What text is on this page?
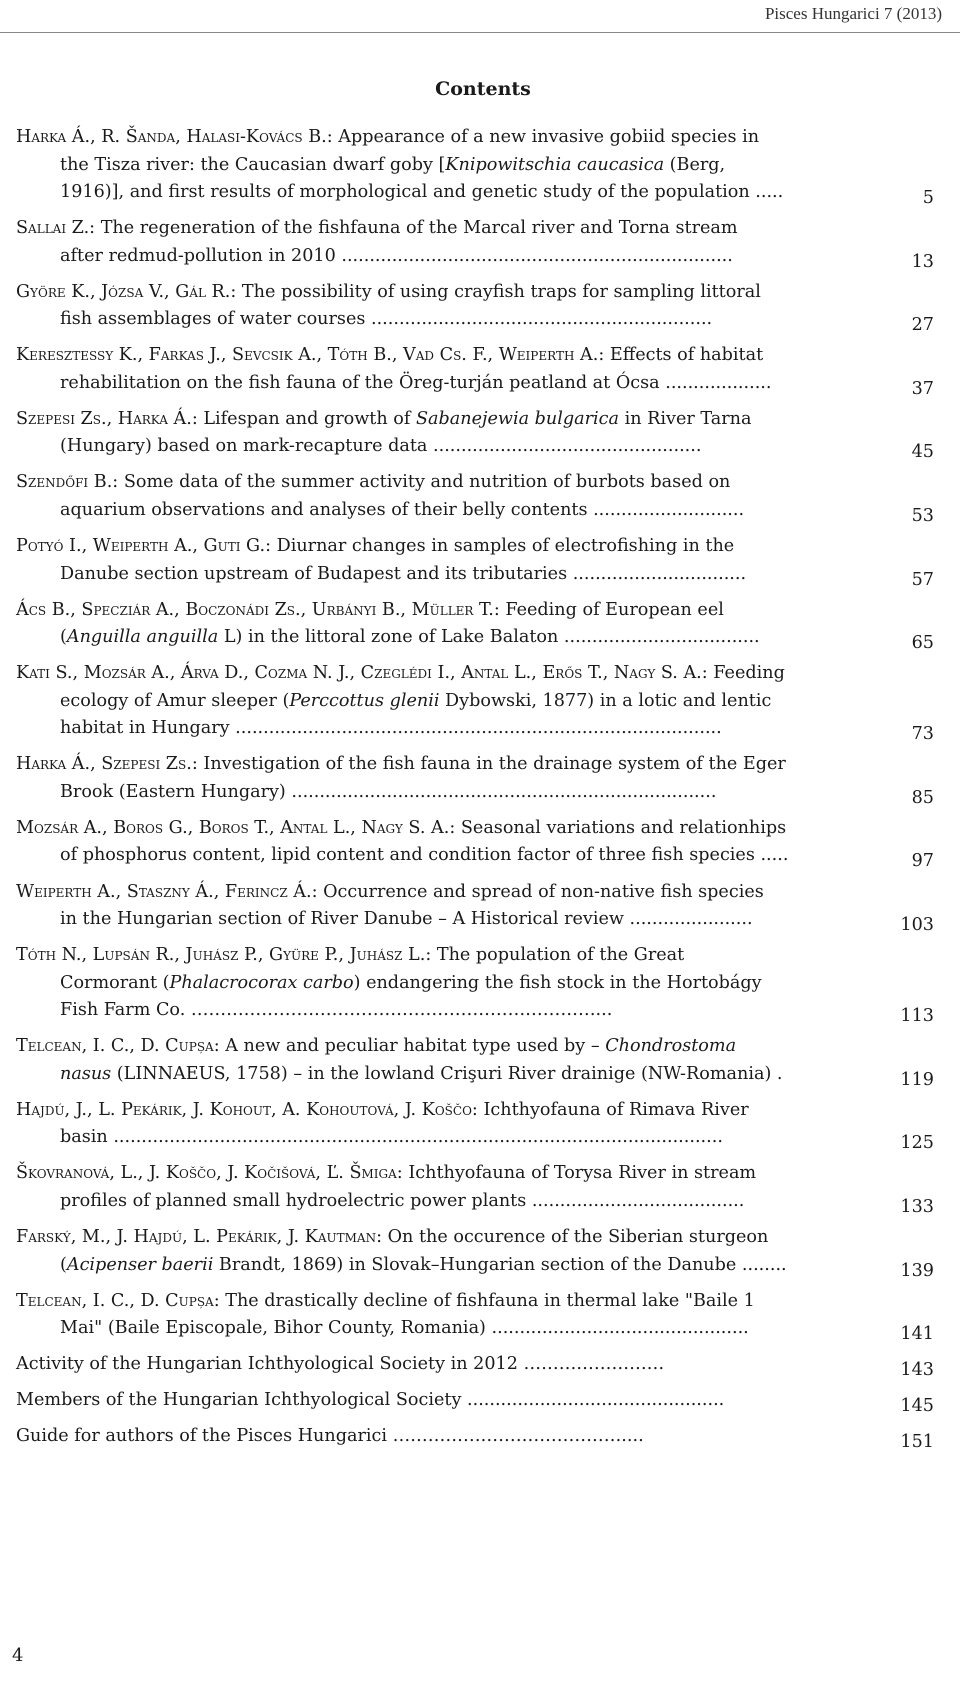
Pisces Hungarici 7 (2013)
Contents
Harka Á., R. Šanda, Halasi-Kovács B.: Appearance of a new invasive gobiid species in
the Tisza river: the Caucasian dwarf goby [Knipowitschia caucasica (Berg,
1916)], and first results of morphological and genetic study of the population .....	5
Sallai Z.: The regeneration of the fishfauna of the Marcal river and Torna stream
after redmud-pollution in 2010 ......................................................................	13
Györe K., Józsa V., Gál R.: The possibility of using crayfish traps for sampling littoral
fish assemblages of water courses .............................................................	27
Keresztessy K., Farkas J., Sevcsik A., Tóth B., Vad Cs. F., Weiperth A.: Effects of habitat
rehabilitation on the fish fauna of the Öreg-turján peatland at Ócsa ...................	37
Szepesi Zs., Harka Á.: Lifespan and growth of Sabanejewia bulgarica in River Tarna
(Hungary) based on mark-recapture data ................................................	45
Szendőfi B.: Some data of the summer activity and nutrition of burbots based on
aquarium observations and analyses of their belly contents ...........................	53
Potyó I., Weiperth A., Guti G.: Diurnar changes in samples of electrofishing in the
Danube section upstream of Budapest and its tributaries ...............................	57
Ács B., Specziár A., Boczonádi Zs., Urbányi B., Müller T.: Feeding of European eel
(Anguilla anguilla L) in the littoral zone of Lake Balaton ...................................	65
Kati S., Mozsár A., Árva D., Cozma N. J., Czeglédi I., Antal L., Erős T., Nagy S. A.: Feeding
ecology of Amur sleeper (Perccottus glenii Dybowski, 1877) in a lotic and lentic
habitat in Hungary .......................................................................................	73
Harka Á., Szepesi Zs.: Investigation of the fish fauna in the drainage system of the Eger
Brook (Eastern Hungary) ............................................................................	85
Mozsár A., Boros G., Boros T., Antal L., Nagy S. A.: Seasonal variations and relationhips
of phosphorus content, lipid content and condition factor of three fish species .....	97
Weiperth A., Staszny Á., Ferincz Á.: Occurrence and spread of non-native fish species
in the Hungarian section of River Danube – A Historical review ......................	103
Tóth N., Lupsán R., Juhász P., Gyüre P., Juhász L.: The population of the Great
Cormorant (Phalacrocorax carbo) endangering the fish stock in the Hortobágy
Fish Farm Co. ……………………………………………………………...	113
Telcean, I. C., D. Cupșa: A new and peculiar habitat type used by – Chondrostoma
nasus (LINNAEUS, 1758) – in the lowland Crişuri River drainige (NW-Romania) .	119
Hajdú, J., L. Pekárik, J. Kohout, A. Kohoutová, J. Koščo: Ichthyofauna of Rimava River
basin .............................................................................................................	125
Škovranová, L., J. Koščo, J. Kočišová, Ľ. Šmiga: Ichthyofauna of Torysa River in stream
profiles of planned small hydroelectric power plants ......................................	133
Farský, M., J. Hajdú, L. Pekárik, J. Kautman: On the occurence of the Siberian sturgeon
(Acipenser baerii Brandt, 1869) in Slovak–Hungarian section of the Danube ........	139
Telcean, I. C., D. Cupșa: The drastically decline of fishfauna in thermal lake "Baile 1
Mai" (Baile Episcopale, Bihor County, Romania) ..............................................	141
Activity of the Hungarian Ichthyological Society in 2012 ……………………	143
Members of the Hungarian Ichthyological Society ..............................................	145
Guide for authors of the Pisces Hungarici …………………………………....	151
4
